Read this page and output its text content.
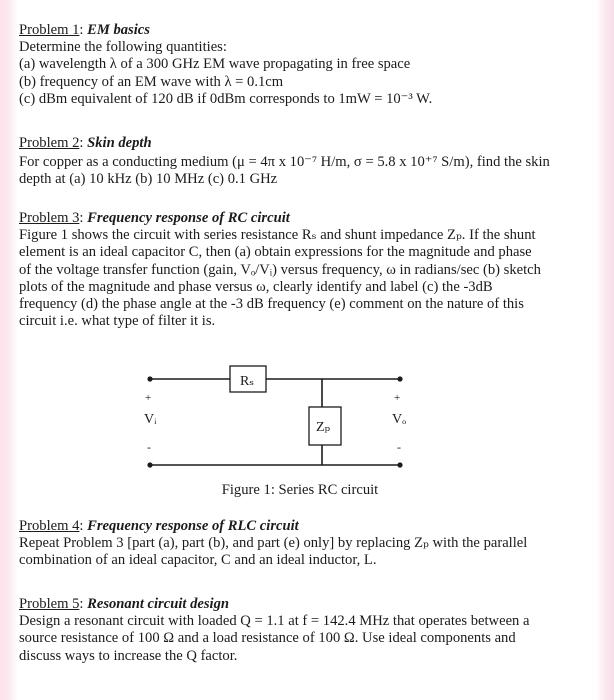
Problem 1: EM basics
Determine the following quantities:
(a) wavelength λ of a 300 GHz EM wave propagating in free space
(b) frequency of an EM wave with λ = 0.1cm
(c) dBm equivalent of 120 dB if 0dBm corresponds to 1mW = 10⁻³ W.
Problem 2: Skin depth
For copper as a conducting medium (μ = 4π x 10⁻⁷ H/m, σ = 5.8 x 10⁺⁷ S/m), find the skin
depth at (a) 10 kHz (b) 10 MHz (c) 0.1 GHz
Problem 3: Frequency response of RC circuit
Figure 1 shows the circuit with series resistance Rₛ and shunt impedance Zₚ. If the shunt
element is an ideal capacitor C, then (a) obtain expressions for the magnitude and phase
of the voltage transfer function (gain, Vₒ/Vᵢ) versus frequency, ω in radians/sec (b) sketch
plots of the magnitude and phase versus ω, clearly identify and label (c) the -3dB
frequency (d) the phase angle at the -3 dB frequency (e) comment on the nature of this
circuit i.e. what type of filter it is.
Rₛ
Zₚ
Vᵢ	Vₒ
+
-
+
-
Figure 1: Series RC circuit
Problem 4: Frequency response of RLC circuit
Repeat Problem 3 [part (a), part (b), and part (e) only] by replacing Zₚ with the parallel
combination of an ideal capacitor, C and an ideal inductor, L.
Problem 5: Resonant circuit design
Design a resonant circuit with loaded Q = 1.1 at f = 142.4 MHz that operates between a
source resistance of 100 Ω and a load resistance of 100 Ω. Use ideal components and
discuss ways to increase the Q factor.
